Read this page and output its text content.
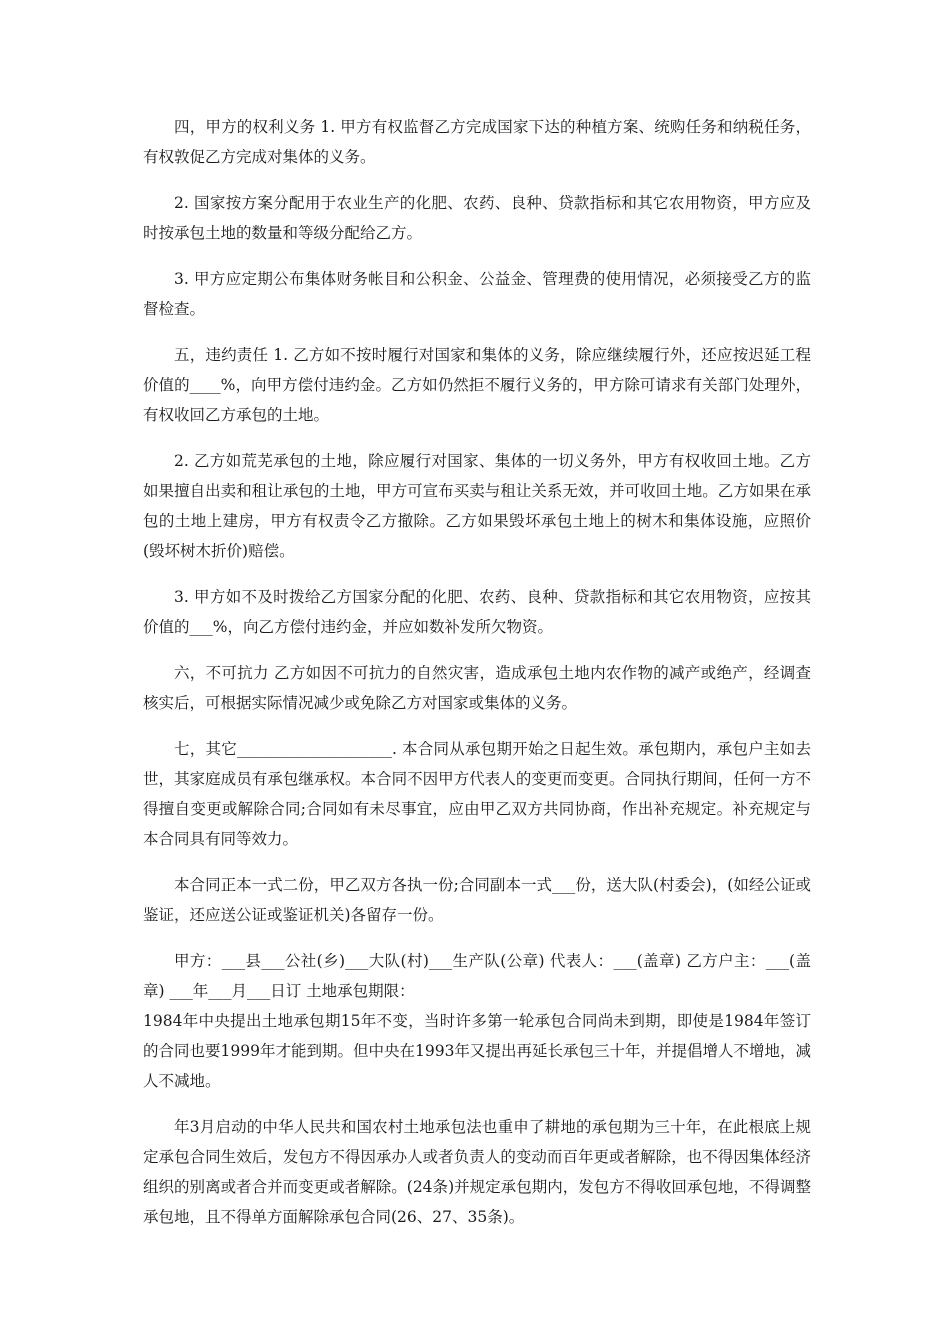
四，甲方的权利义务 1. 甲方有权监督乙方完成国家下达的种植方案、统购任务和纳税任务，有权敦促乙方完成对集体的义务。

2. 国家按方案分配用于农业生产的化肥、农药、良种、贷款指标和其它农用物资，甲方应及时按承包土地的数量和等级分配给乙方。

3. 甲方应定期公布集体财务帐目和公积金、公益金、管理费的使用情况，必须接受乙方的监督检查。

五，违约责任 1. 乙方如不按时履行对国家和集体的义务，除应继续履行外，还应按迟延工程价值的____%，向甲方偿付违约金。乙方如仍然拒不履行义务的，甲方除可请求有关部门处理外，有权收回乙方承包的土地。

2. 乙方如荒芜承包的土地，除应履行对国家、集体的一切义务外，甲方有权收回土地。乙方如果擅自出卖和租让承包的土地，甲方可宣布买卖与租让关系无效，并可收回土地。乙方如果在承包的土地上建房，甲方有权责令乙方撤除。乙方如果毁坏承包土地上的树木和集体设施，应照价(毁坏树木折价)赔偿。

3. 甲方如不及时拨给乙方国家分配的化肥、农药、良种、贷款指标和其它农用物资，应按其价值的___%，向乙方偿付违约金，并应如数补发所欠物资。

六，不可抗力 乙方如因不可抗力的自然灾害，造成承包土地内农作物的减产或绝产，经调查核实后，可根据实际情况减少或免除乙方对国家或集体的义务。

七，其它____________________. 本合同从承包期开始之日起生效。承包期内，承包户主如去世，其家庭成员有承包继承权。本合同不因甲方代表人的变更而变更。合同执行期间，任何一方不得擅自变更或解除合同;合同如有未尽事宜，应由甲乙双方共同协商，作出补充规定。补充规定与本合同具有同等效力。

本合同正本一式二份，甲乙双方各执一份;合同副本一式___份，送大队(村委会)，(如经公证或鉴证，还应送公证或鉴证机关)各留存一份。

甲方：___县___公社(乡)___大队(村)___生产队(公章) 代表人：___(盖章) 乙方户主：___(盖章) ___年___月___日订 土地承包期限：

1984年中央提出土地承包期15年不变，当时许多第一轮承包合同尚未到期，即使是1984年签订的合同也要1999年才能到期。但中央在1993年又提出再延长承包三十年，并提倡增人不增地，减人不减地。

年3月启动的中华人民共和国农村土地承包法也重申了耕地的承包期为三十年，在此根底上规定承包合同生效后，发包方不得因承办人或者负责人的变动而百年更或者解除，也不得因集体经济组织的别离或者合并而变更或者解除。(24条)并规定承包期内，发包方不得收回承包地，不得调整承包地，且不得单方面解除承包合同(26、27、35条)。
